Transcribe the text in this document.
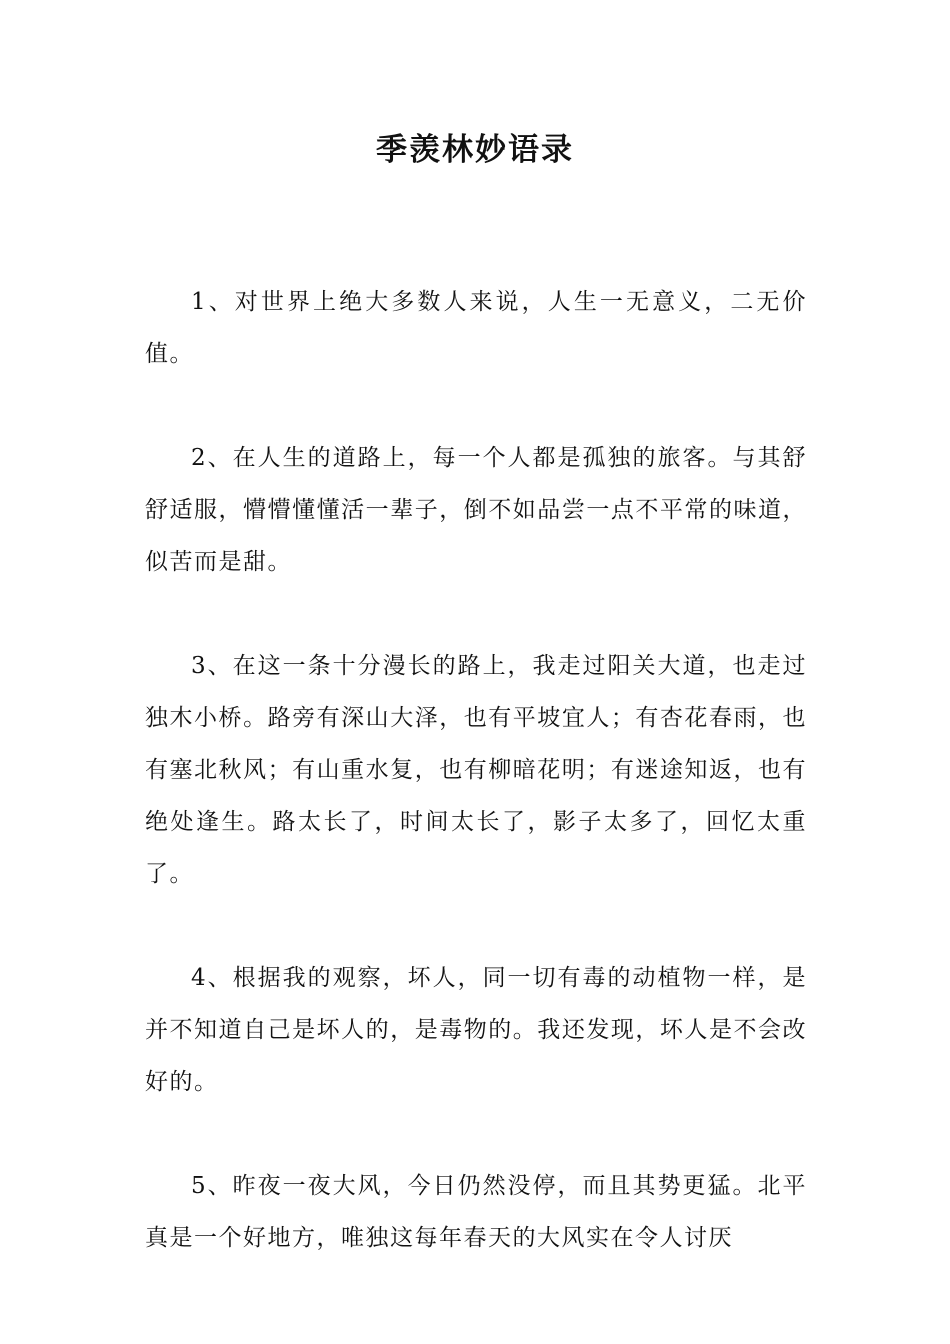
季羡林妙语录

1、对世界上绝大多数人来说，人生一无意义，二无价值。

2、在人生的道路上，每一个人都是孤独的旅客。与其舒舒适服，懵懵懂懂活一辈子，倒不如品尝一点不平常的味道，似苦而是甜。

3、在这一条十分漫长的路上，我走过阳关大道，也走过独木小桥。路旁有深山大泽，也有平坡宜人；有杏花春雨，也有塞北秋风；有山重水复，也有柳暗花明；有迷途知返，也有绝处逢生。路太长了，时间太长了，影子太多了，回忆太重了。

4、根据我的观察，坏人，同一切有毒的动植物一样，是并不知道自己是坏人的，是毒物的。我还发现，坏人是不会改好的。

5、昨夜一夜大风，今日仍然没停，而且其势更猛。北平真是一个好地方，唯独这每年春天的大风实在令人讨厌
